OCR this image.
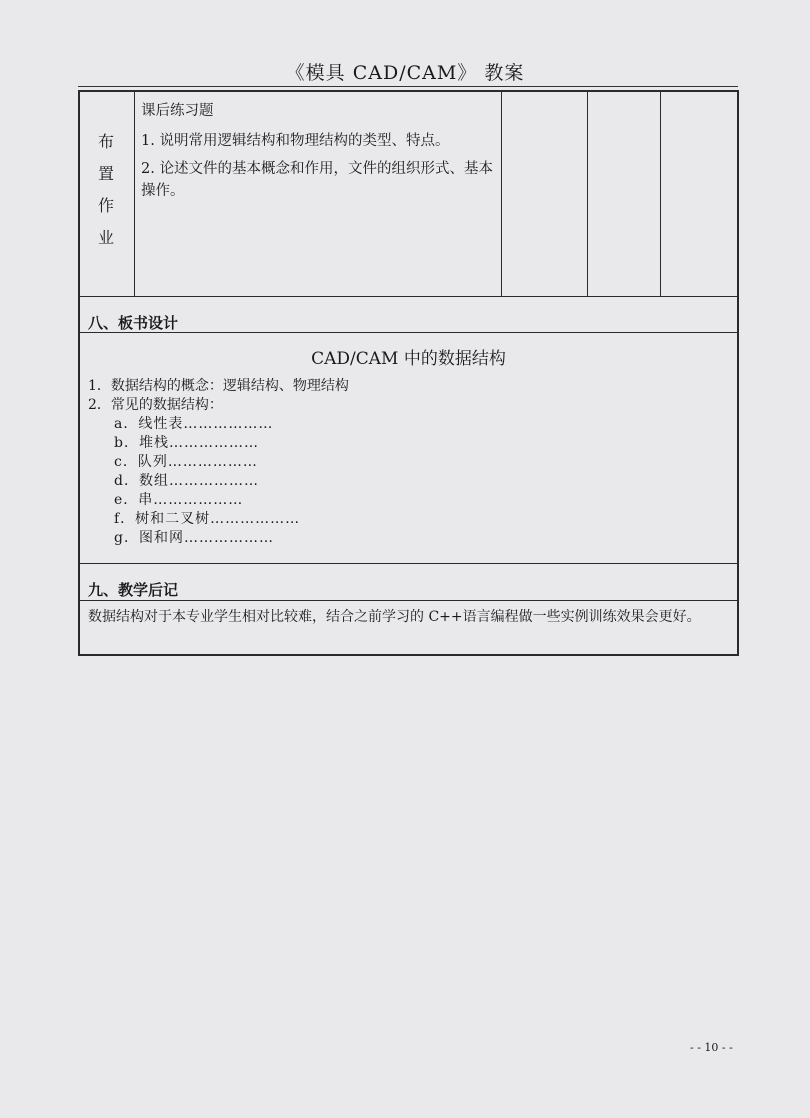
《模具 CAD/CAM》 教案
布
置
作
业
课后练习题
1. 说明常用逻辑结构和物理结构的类型、特点。
2. 论述文件的基本概念和作用，文件的组织形式、基本操作。
八、板书设计
CAD/CAM 中的数据结构
1．数据结构的概念：逻辑结构、物理结构
2．常见的数据结构：
a．线性表………………
b．堆栈………………
c．队列………………
d．数组………………
e．串………………
f．树和二叉树………………
g．图和网………………
九、教学后记
数据结构对于本专业学生相对比较难，结合之前学习的 C++语言编程做一些实例训练效果会更好。
- - 10 - -
